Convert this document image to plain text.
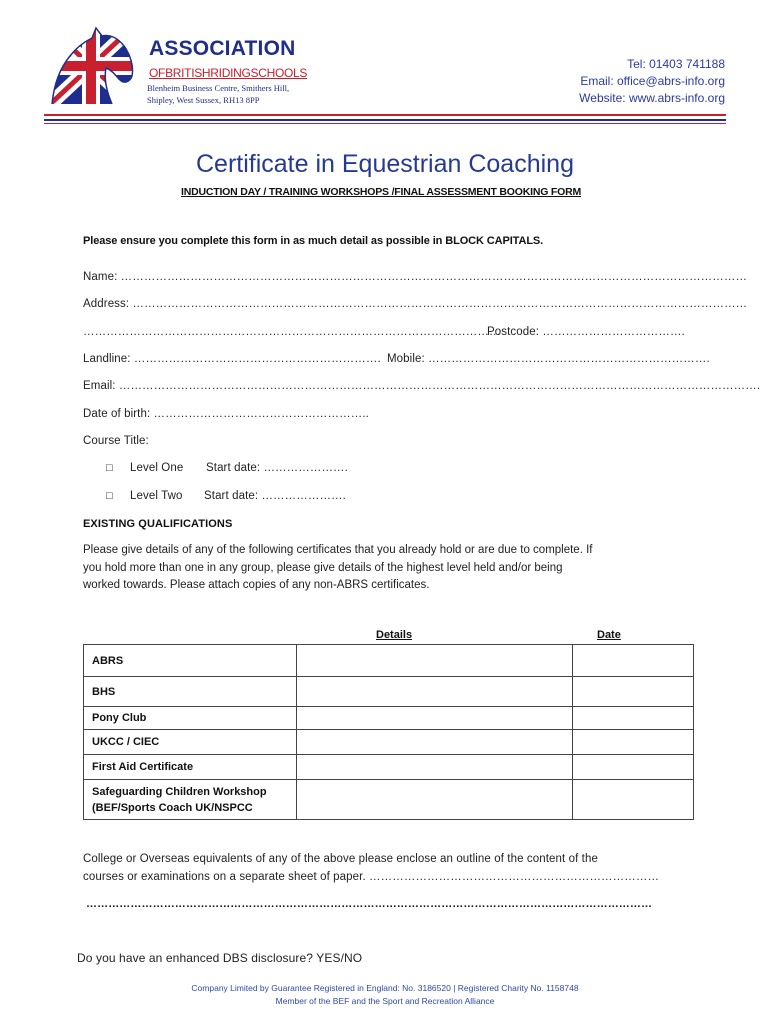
ASSOCIATION
OFBRITISHRIDINGSCHOOLS
Blenheim Business Centre, Smithers Hill,
Shipley, West Sussex, RH13 8PP
Tel: 01403 741188
Email: office@abrs-info.org
Website: www.abrs-info.org
Certificate in Equestrian Coaching
INDUCTION DAY / TRAINING WORKSHOPS /FINAL ASSESSMENT BOOKING FORM
Please ensure you complete this form in as much detail as possible in BLOCK CAPITALS.
Name: ………………………………………………………………………………………………………………………………………………
Address: ……………………………………………………………………………………………………………………………………………
………………………………………………………………………………………………
Postcode: ……………………………….
Landline: ………………………………………………………. Mobile: ……………………………………………………………….
Email: ………………………………………………………………………………………………………………………………………………….
Date of birth: ………………………………………………..
Course Title:
□ Level One Start date: ………………….
□ Level Two Start date: ………………….
EXISTING QUALIFICATIONS
Please give details of any of the following certificates that you already hold or are due to complete. If
you hold more than one in any group, please give details of the highest level held and/or being
worked towards. Please attach copies of any non-ABRS certificates.
Details	Date
ABRS		
BHS		
Pony Club		
UKCC / CIEC		
First Aid Certificate		

Safeguarding Children Workshop
(BEF/Sports Coach UK/NSPCC		

College or Overseas equivalents of any of the above please enclose an outline of the content of the
courses or examinations on a separate sheet of paper. …………………………………………………………………
………………………………………………………………………………………………………………………………………
Do you have an enhanced DBS disclosure? YES/NO
Company Limited by Guarantee Registered in England: No. 3186520 | Registered Charity No. 1158748
Member of the BEF and the Sport and Recreation Alliance
